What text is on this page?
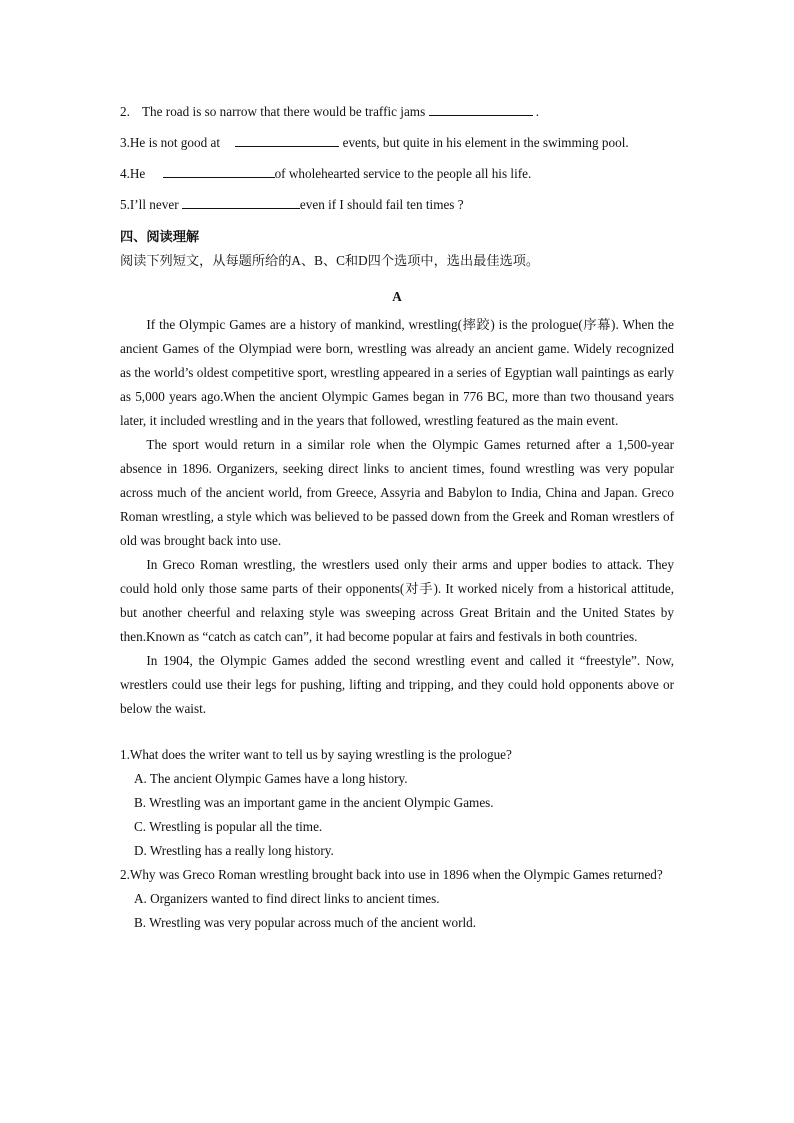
2. The road is so narrow that there would be traffic jams	.

3.He is not good at	events, but quite in his element in the swimming pool.

4.He	of wholehearted service to the people all his life.

5.I’ll never	even if I should fail ten times ?

四、阅读理解
阅读下列短文，从每题所给的A、B、C和D四个选项中，选出最佳选项。
A

If the Olympic Games are a history of mankind, wrestling(摔跤) is the prologue(序幕). When the ancient Games of the Olympiad were born, wrestling was already an ancient game. Widely recognized as the world’s oldest competitive sport, wrestling appeared in a series of Egyptian wall paintings as early as 5,000 years ago.When the ancient Olympic Games began in 776 BC, more than two thousand years later, it included wrestling and in the years that followed, wrestling featured as the main event.

The sport would return in a similar role when the Olympic Games returned after a 1,500-year absence in 1896. Organizers, seeking direct links to ancient times, found wrestling was very popular across much of the ancient world, from Greece, Assyria and Babylon to India, China and Japan. Greco Roman wrestling, a style which was believed to be passed down from the Greek and Roman wrestlers of old was brought back into use.

In Greco Roman wrestling, the wrestlers used only their arms and upper bodies to attack. They could hold only those same parts of their opponents(对手). It worked nicely from a historical attitude, but another cheerful and relaxing style was sweeping across Great Britain and the United States by then.Known as “catch as catch can”, it had become popular at fairs and festivals in both countries.

In 1904, the Olympic Games added the second wrestling event and called it “freestyle”. Now, wrestlers could use their legs for pushing, lifting and tripping, and they could hold opponents above or below the waist.

1.What does the writer want to tell us by saying wrestling is the prologue?

A. The ancient Olympic Games have a long history.

B. Wrestling was an important game in the ancient Olympic Games.

C. Wrestling is popular all the time.

D. Wrestling has a really long history.

2.Why was Greco Roman wrestling brought back into use in 1896 when the Olympic Games returned?

A. Organizers wanted to find direct links to ancient times.

B. Wrestling was very popular across much of the ancient world.
